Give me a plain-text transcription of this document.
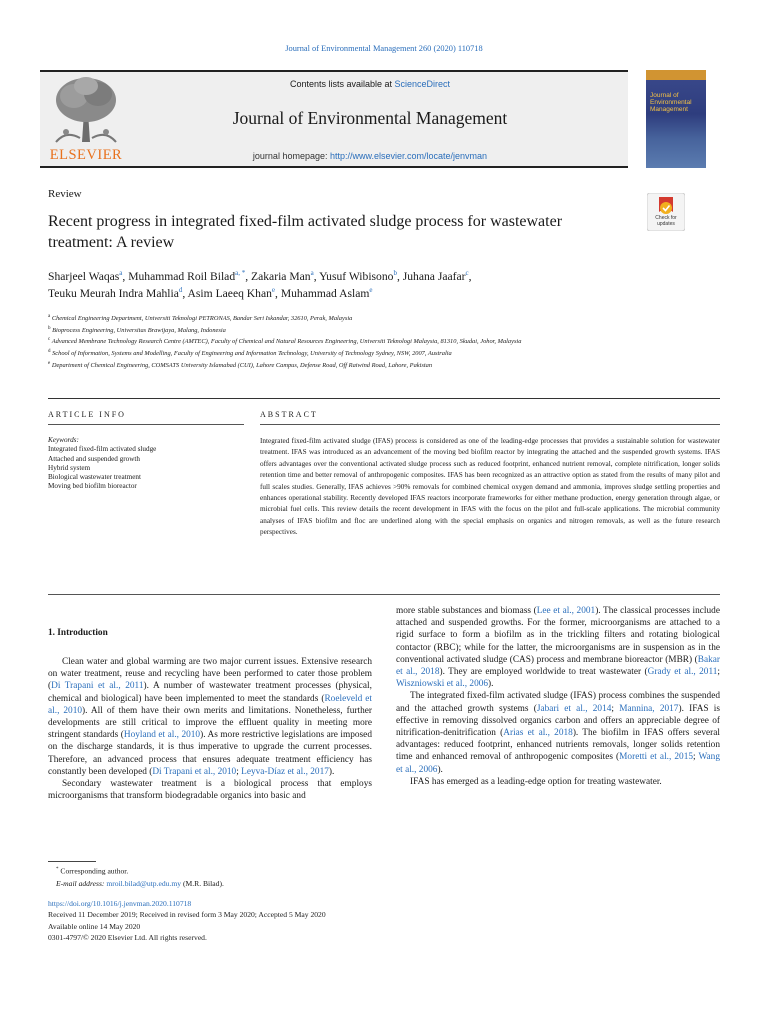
Journal of Environmental Management 260 (2020) 110718
ELSEVIER
Contents lists available at ScienceDirect
Journal of Environmental Management
journal homepage: http://www.elsevier.com/locate/jenvman
Journal of Environmental Management
Review
Recent progress in integrated fixed-film activated sludge process for wastewater treatment: A review
Check for updates
Sharjeel Waqas$^a$, Muhammad Roil Bilad$^{a, *}$, Zakaria Man$^a$, Yusuf Wibisono$^b$, Juhana Jaafar$^c$,
Teuku Meurah Indra Mahlia$^d$, Asim Laeeq Khan$^e$, Muhammad Aslam$^e$
$^a$ Chemical Engineering Department, Universiti Teknologi PETRONAS, Bandar Seri Iskandar, 32610, Perak, Malaysia
$^b$ Bioprocess Engineering, Universitas Brawijaya, Malang, Indonesia
$^c$ Advanced Membrane Technology Research Centre (AMTEC), Faculty of Chemical and Natural Resources Engineering, Universiti Teknologi Malaysia, 81310, Skudai, Johor, Malaysia
$^d$ School of Information, Systems and Modelling, Faculty of Engineering and Information Technology, University of Technology Sydney, NSW, 2007, Australia
$^e$ Department of Chemical Engineering, COMSATS University Islamabad (CUI), Lahore Campus, Defense Road, Off Raiwind Road, Lahore, Pakistan
ARTICLE INFO	ABSTRACT
Keywords:
Integrated fixed-film activated sludge
Attached and suspended growth
Hybrid system
Biological wastewater treatment
Moving bed biofilm bioreactor
Integrated fixed-film activated sludge (IFAS) process is considered as one of the leading-edge processes that provides a sustainable solution for wastewater treatment. IFAS was introduced as an advancement of the moving bed biofilm reactor by integrating the attached and the suspended growth systems. IFAS offers advantages over the conventional activated sludge process such as reduced footprint, enhanced nutrient removal, complete nitrification, longer solids retention time and better removal of anthropogenic composites. IFAS has been recognized as an attractive option as stated from the results of many pilot and full scales studies. Generally, IFAS achieves >90% removals for combined chemical oxygen demand and ammonia, improves sludge settling properties and enhances operational stability. Recently developed IFAS reactors incorporate frameworks for either methane production, energy generation through algae, or microbial fuel cells. This review details the recent development in IFAS with the focus on the pilot and full-scale applications. The microbial community analyses of IFAS biofilm and floc are underlined along with the special emphasis on organics and nitrogen removals, as well as the future research perspectives.
1. Introduction

Clean water and global warming are two major current issues. Extensive research on water treatment, reuse and recycling have been performed to cater those problem (Di Trapani et al., 2011). A number of wastewater treatment processes (physical, chemical and biological) have been implemented to meet the standards (Roeleveld et al., 2010). All of them have their own merits and limitations. Nonetheless, further developments are still critical to improve the effluent quality in meeting more stringent standards (Hoyland et al., 2010). As more restrictive legislations are imposed on the discharge standards, it is thus imperative to upgrade the current processes. Therefore, an advanced process that ensures adequate treatment efficiency has constantly been developed (Di Trapani et al., 2010; Leyva-Díaz et al., 2017).

Secondary wastewater treatment is a biological process that employs microorganisms that transform biodegradable organics into basic and

more stable substances and biomass (Lee et al., 2001). The classical processes include attached and suspended growths. For the former, microorganisms are attached to a rigid surface to form a biofilm as in the trickling filters and rotating biological contactor (RBC); while for the latter, the microorganisms are in suspension as in the conventional activated sludge (CAS) process and membrane bioreactor (MBR) (Bakar et al., 2018). They are employed worldwide to treat wastewater (Grady et al., 2011; Wiszniowski et al., 2006).

The integrated fixed-film activated sludge (IFAS) process combines the suspended and the attached growth systems (Jabari et al., 2014; Mannina, 2017). IFAS is effective in removing dissolved organics carbon and offers an appreciable degree of nitrification-denitrification (Arias et al., 2018). The biofilm in IFAS offers several advantages: reduced footprint, enhanced nutrients removals, longer solids retention time and enhanced removal of anthropogenic composites (Moretti et al., 2015; Wang et al., 2006).

IFAS has emerged as a leading-edge option for treating wastewater.

* Corresponding author.
E-mail address: mroil.bilad@utp.edu.my (M.R. Bilad).
https://doi.org/10.1016/j.jenvman.2020.110718
Received 11 December 2019; Received in revised form 3 May 2020; Accepted 5 May 2020
Available online 14 May 2020
0301-4797/© 2020 Elsevier Ltd. All rights reserved.
